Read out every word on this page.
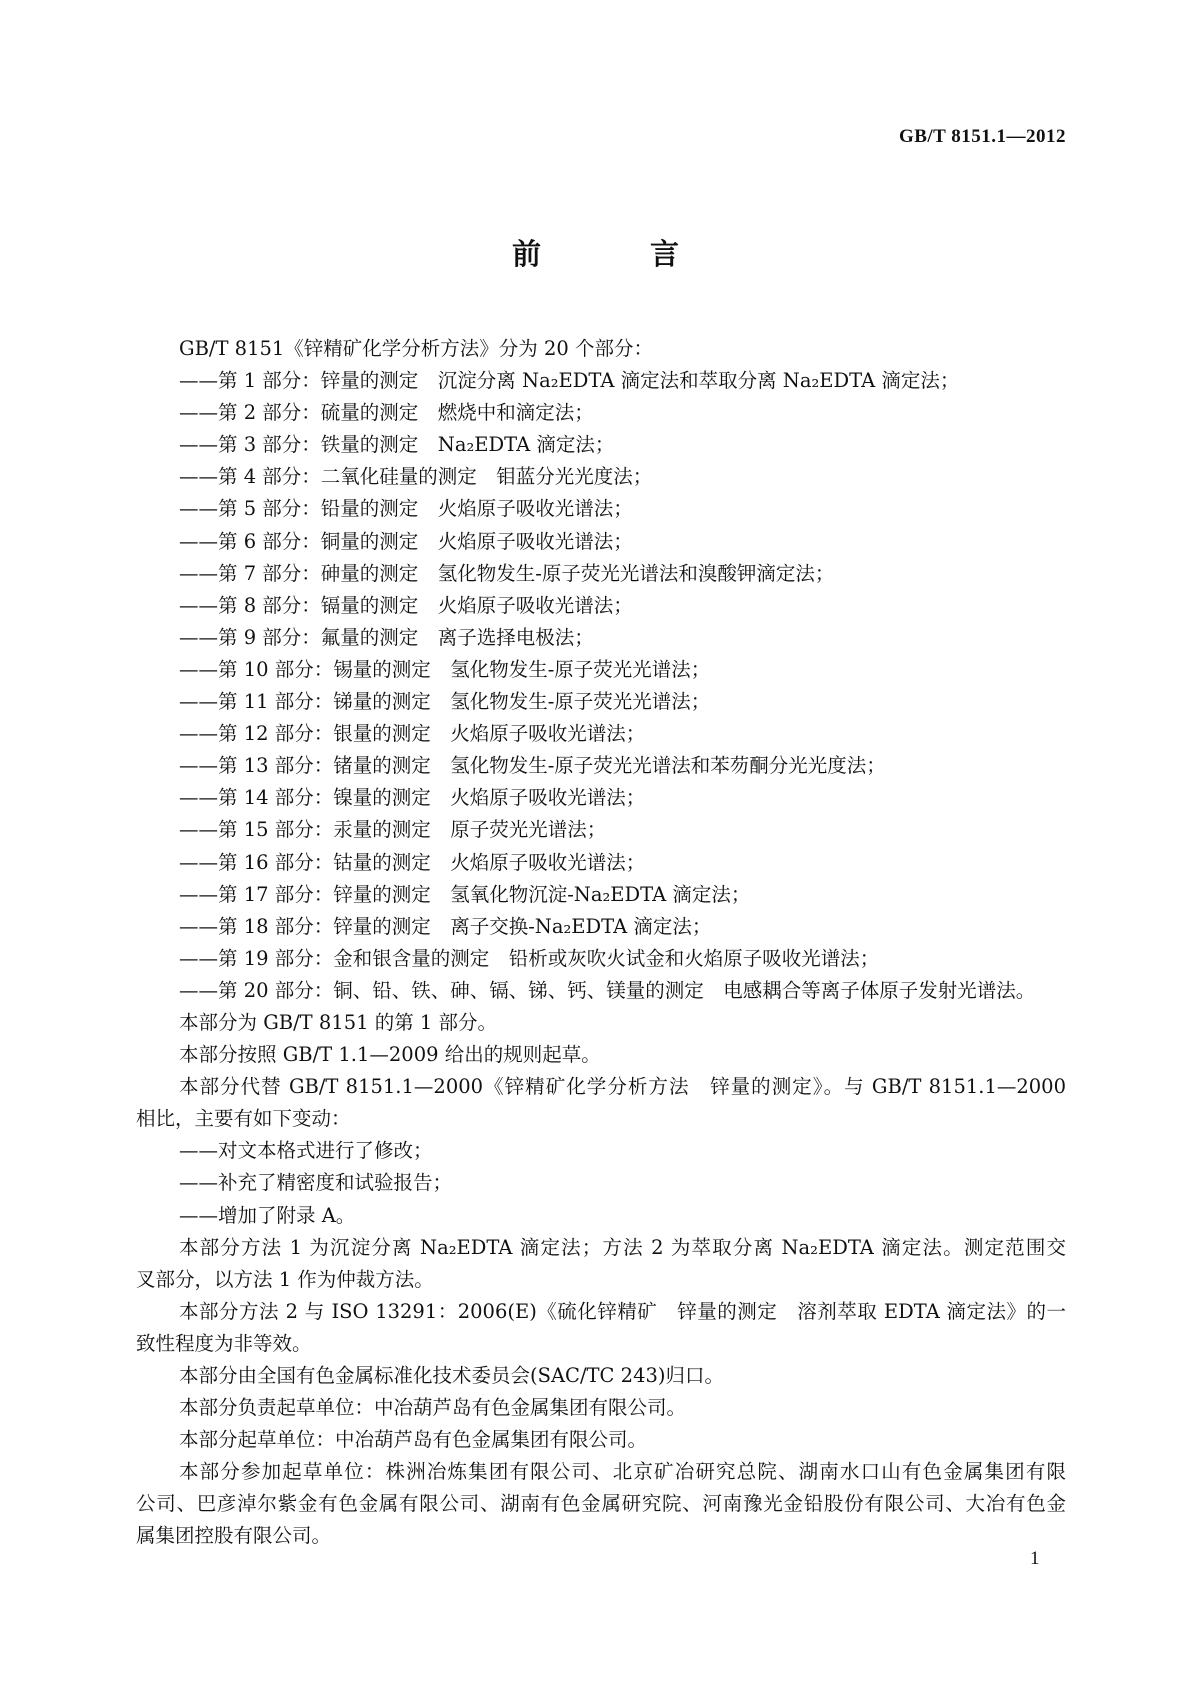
GB/T 8151.1—2012
前　言
GB/T 8151《锌精矿化学分析方法》分为 20 个部分：
——第 1 部分：锌量的测定　沉淀分离 Na₂EDTA 滴定法和萃取分离 Na₂EDTA 滴定法；
——第 2 部分：硫量的测定　燃烧中和滴定法；
——第 3 部分：铁量的测定　Na₂EDTA 滴定法；
——第 4 部分：二氧化硅量的测定　钼蓝分光光度法；
——第 5 部分：铅量的测定　火焰原子吸收光谱法；
——第 6 部分：铜量的测定　火焰原子吸收光谱法；
——第 7 部分：砷量的测定　氢化物发生-原子荧光光谱法和溴酸钾滴定法；
——第 8 部分：镉量的测定　火焰原子吸收光谱法；
——第 9 部分：氟量的测定　离子选择电极法；
——第 10 部分：锡量的测定　氢化物发生-原子荧光光谱法；
——第 11 部分：锑量的测定　氢化物发生-原子荧光光谱法；
——第 12 部分：银量的测定　火焰原子吸收光谱法；
——第 13 部分：锗量的测定　氢化物发生-原子荧光光谱法和苯芴酮分光光度法；
——第 14 部分：镍量的测定　火焰原子吸收光谱法；
——第 15 部分：汞量的测定　原子荧光光谱法；
——第 16 部分：钴量的测定　火焰原子吸收光谱法；
——第 17 部分：锌量的测定　氢氧化物沉淀-Na₂EDTA 滴定法；
——第 18 部分：锌量的测定　离子交换-Na₂EDTA 滴定法；
——第 19 部分：金和银含量的测定　铅析或灰吹火试金和火焰原子吸收光谱法；
——第 20 部分：铜、铅、铁、砷、镉、锑、钙、镁量的测定　电感耦合等离子体原子发射光谱法。
本部分为 GB/T 8151 的第 1 部分。
本部分按照 GB/T 1.1—2009 给出的规则起草。
本部分代替 GB/T 8151.1—2000《锌精矿化学分析方法　锌量的测定》。与 GB/T 8151.1—2000
相比，主要有如下变动：
——对文本格式进行了修改；
——补充了精密度和试验报告；
——增加了附录 A。
本部分方法 1 为沉淀分离 Na₂EDTA 滴定法；方法 2 为萃取分离 Na₂EDTA 滴定法。测定范围交
叉部分，以方法 1 作为仲裁方法。
本部分方法 2 与 ISO 13291：2006(E)《硫化锌精矿　锌量的测定　溶剂萃取 EDTA 滴定法》的一
致性程度为非等效。
本部分由全国有色金属标准化技术委员会(SAC/TC 243)归口。
本部分负责起草单位：中冶葫芦岛有色金属集团有限公司。
本部分起草单位：中冶葫芦岛有色金属集团有限公司。
本部分参加起草单位：株洲冶炼集团有限公司、北京矿冶研究总院、湖南水口山有色金属集团有限
公司、巴彦淖尔紫金有色金属有限公司、湖南有色金属研究院、河南豫光金铅股份有限公司、大冶有色金
属集团控股有限公司。
1
